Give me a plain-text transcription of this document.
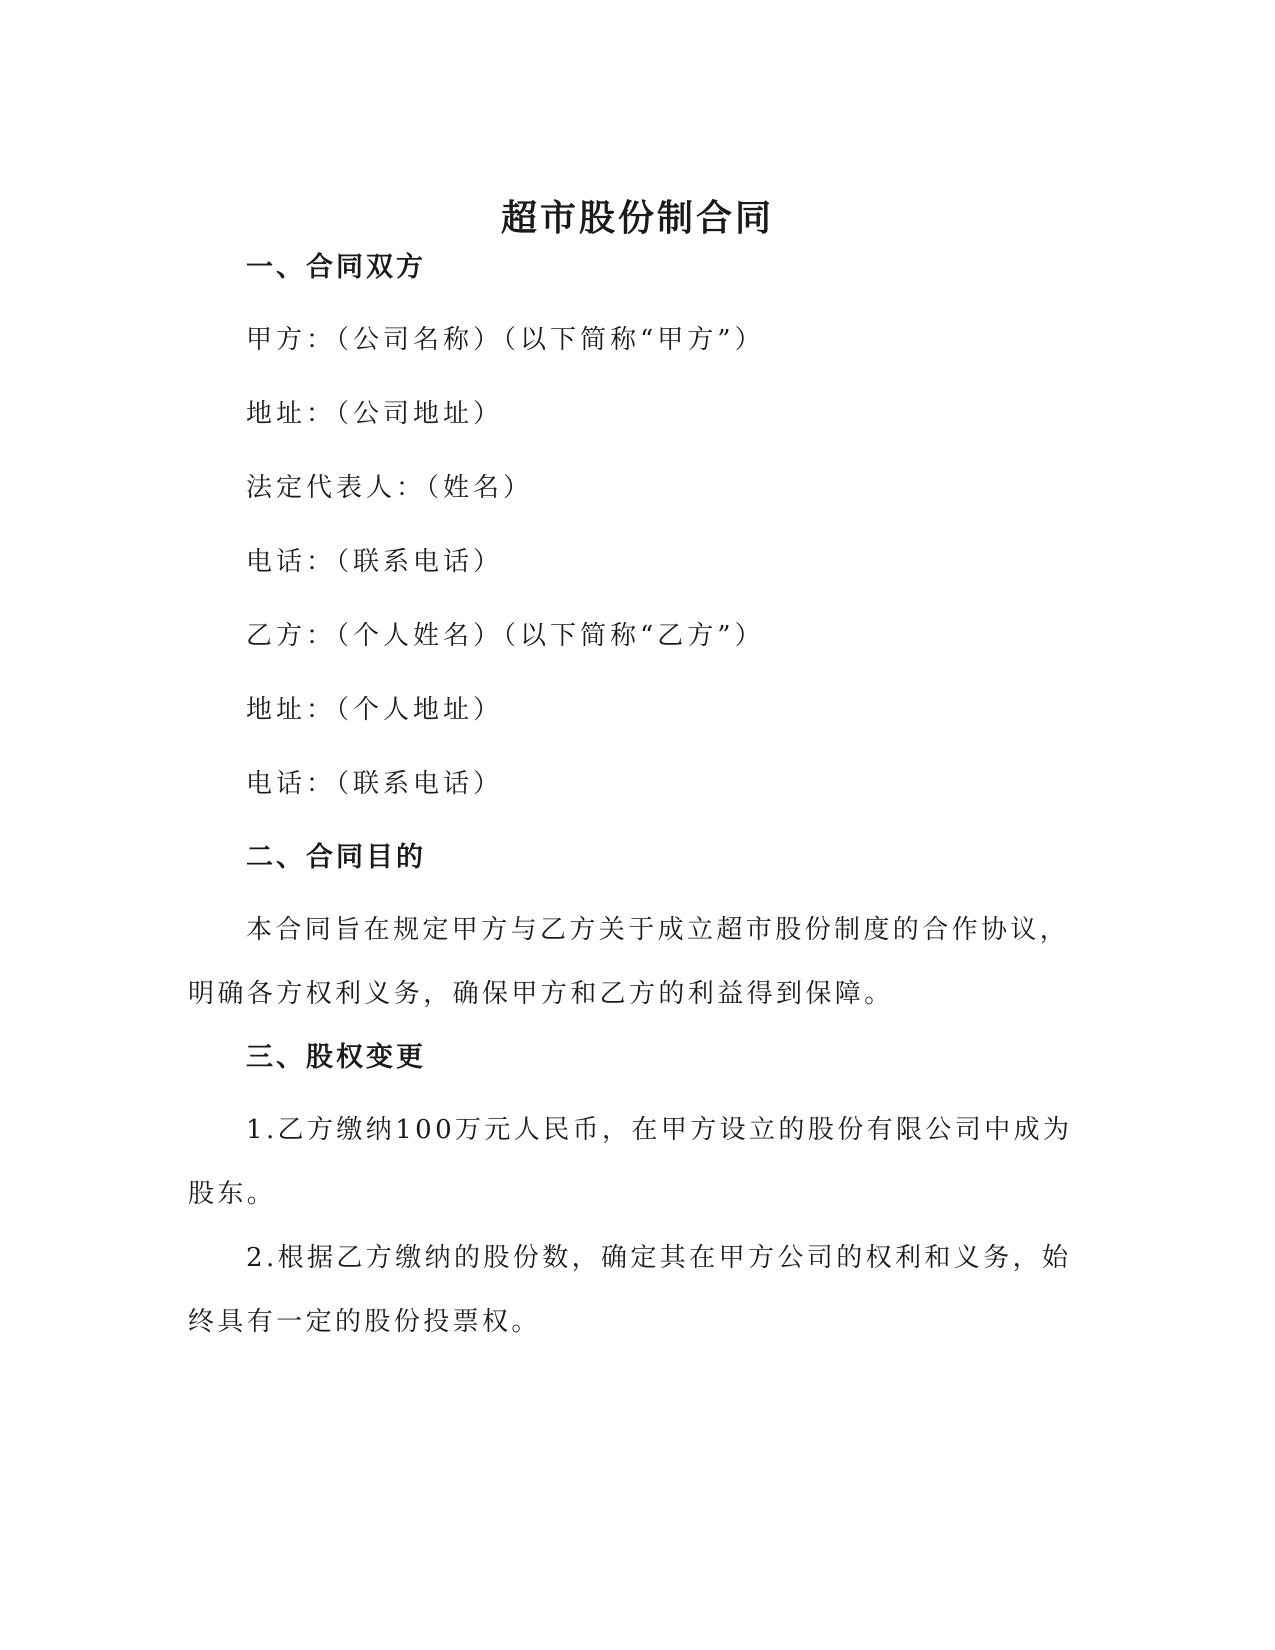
超市股份制合同
一、合同双方
甲方：（公司名称）（以下简称“甲方”）
地址：（公司地址）
法定代表人：（姓名）
电话：（联系电话）
乙方：（个人姓名）（以下简称“乙方”）
地址：（个人地址）
电话：（联系电话）
二、合同目的
本合同旨在规定甲方与乙方关于成立超市股份制度的合作协议，明确各方权利义务，确保甲方和乙方的利益得到保障。
三、股权变更
1.乙方缴纳100万元人民币，在甲方设立的股份有限公司中成为股东。
2.根据乙方缴纳的股份数，确定其在甲方公司的权利和义务，始终具有一定的股份投票权。
